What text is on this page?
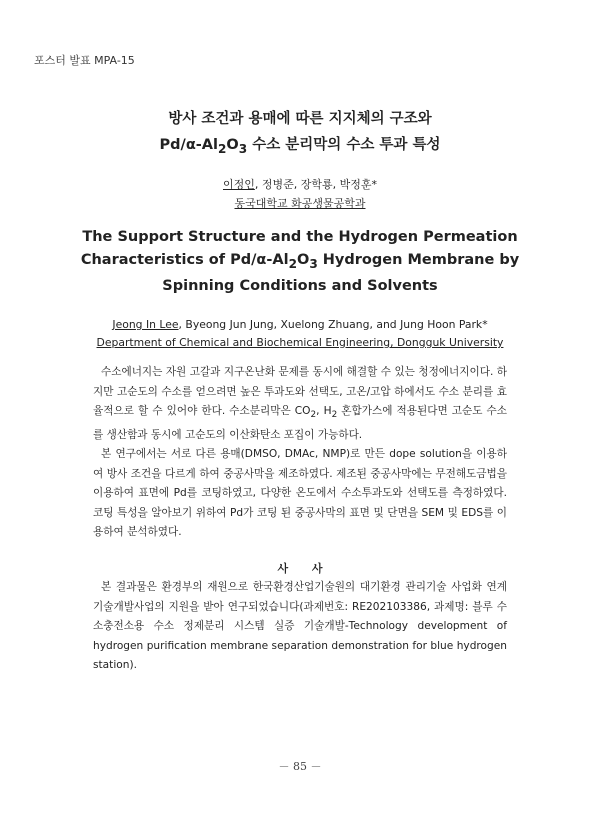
포스터 발표 MPA-15
방사 조건과 용매에 따른 지지체의 구조와
$Pd/\alpha-Al_2O_3$ 수소 분리막의 수소 투과 특성
이정인, 정병준, 장학룡, 박정훈*
동국대학교 화공생물공학과
The Support Structure and the Hydrogen Permeation
Characteristics of $Pd/\alpha-Al_2O_3$ Hydrogen Membrane by
Spinning Conditions and Solvents
Jeong In Lee, Byeong Jun Jung, Xuelong Zhuang, and Jung Hoon Park*
Department of Chemical and Biochemical Engineering, Dongguk University

수소에너지는 자원 고갈과 지구온난화 문제를 동시에 해결할 수 있는 청정에너지이다. 하지만 고순도의 수소를 얻으려면 높은 투과도와 선택도, 고온/고압 하에서도 수소 분리를 효율적으로 할 수 있어야 한다. 수소분리막은 $CO_2$, $H_2$ 혼합가스에 적용된다면 고순도 수소를 생산함과 동시에 고순도의 이산화탄소 포집이 가능하다.

본 연구에서는 서로 다른 용매(DMSO, DMAc, NMP)로 만든 dope solution을 이용하여 방사 조건을 다르게 하여 중공사막을 제조하였다. 제조된 중공사막에는 무전해도금법을 이용하여 표면에 Pd를 코팅하였고, 다양한 온도에서 수소투과도와 선택도를 측정하였다. 코팅 특성을 알아보기 위하여 Pd가 코팅 된 중공사막의 표면 및 단면을 SEM 및 EDS를 이용하여 분석하였다.

사 사

본 결과물은 환경부의 재원으로 한국환경산업기술원의 대기환경 관리기술 사업화 연계 기술개발사업의 지원을 받아 연구되었습니다(과제번호: RE202103386, 과제명: 블루 수소충전소용 수소 정제분리 시스템 실증 기술개발-Technology development of hydrogen purification membrane separation demonstration for blue hydrogen station).

－ 85 －
